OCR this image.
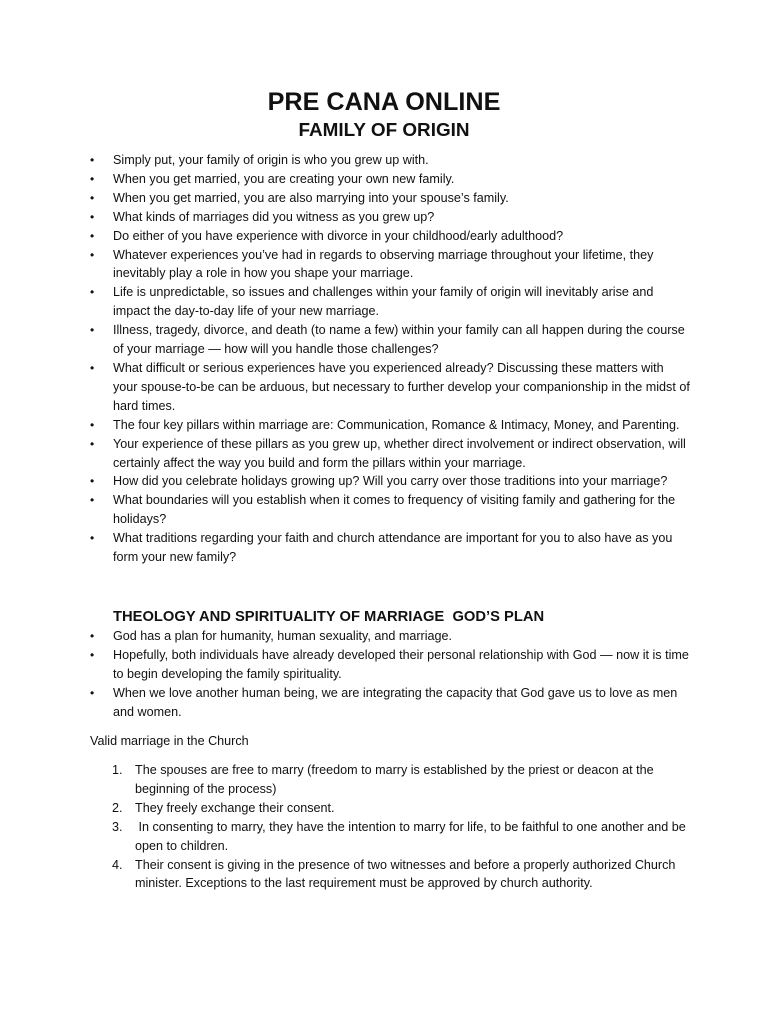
PRE CANA ONLINE
FAMILY OF ORIGIN
• Simply put, your family of origin is who you grew up with.
• When you get married, you are creating your own new family.
• When you get married, you are also marrying into your spouse’s family.
• What kinds of marriages did you witness as you grew up?
• Do either of you have experience with divorce in your childhood/early adulthood?
• Whatever experiences you’ve had in regards to observing marriage throughout your lifetime, they inevitably play a role in how you shape your marriage.
• Life is unpredictable, so issues and challenges within your family of origin will inevitably arise and impact the day-to-day life of your new marriage.
• Illness, tragedy, divorce, and death (to name a few) within your family can all happen during the course of your marriage — how will you handle those challenges?
• What difficult or serious experiences have you experienced already? Discussing these matters with your spouse-to-be can be arduous, but necessary to further develop your companionship in the midst of hard times.
• The four key pillars within marriage are: Communication, Romance & Intimacy, Money, and Parenting.
• Your experience of these pillars as you grew up, whether direct involvement or indirect observation, will certainly affect the way you build and form the pillars within your marriage.
• How did you celebrate holidays growing up? Will you carry over those traditions into your marriage?
• What boundaries will you establish when it comes to frequency of visiting family and gathering for the holidays?
• What traditions regarding your faith and church attendance are important for you to also have as you form your new family?
THEOLOGY AND SPIRITUALITY OF MARRIAGE  GOD’S PLAN
• God has a plan for humanity, human sexuality, and marriage.
• Hopefully, both individuals have already developed their personal relationship with God — now it is time to begin developing the family spirituality.
• When we love another human being, we are integrating the capacity that God gave us to love as men and women.

Valid marriage in the Church

1. The spouses are free to marry (freedom to marry is established by the priest or deacon at the beginning of the process)
2. They freely exchange their consent.
3. In consenting to marry, they have the intention to marry for life, to be faithful to one another and be open to children.
4. Their consent is giving in the presence of two witnesses and before a properly authorized Church minister. Exceptions to the last requirement must be approved by church authority.
